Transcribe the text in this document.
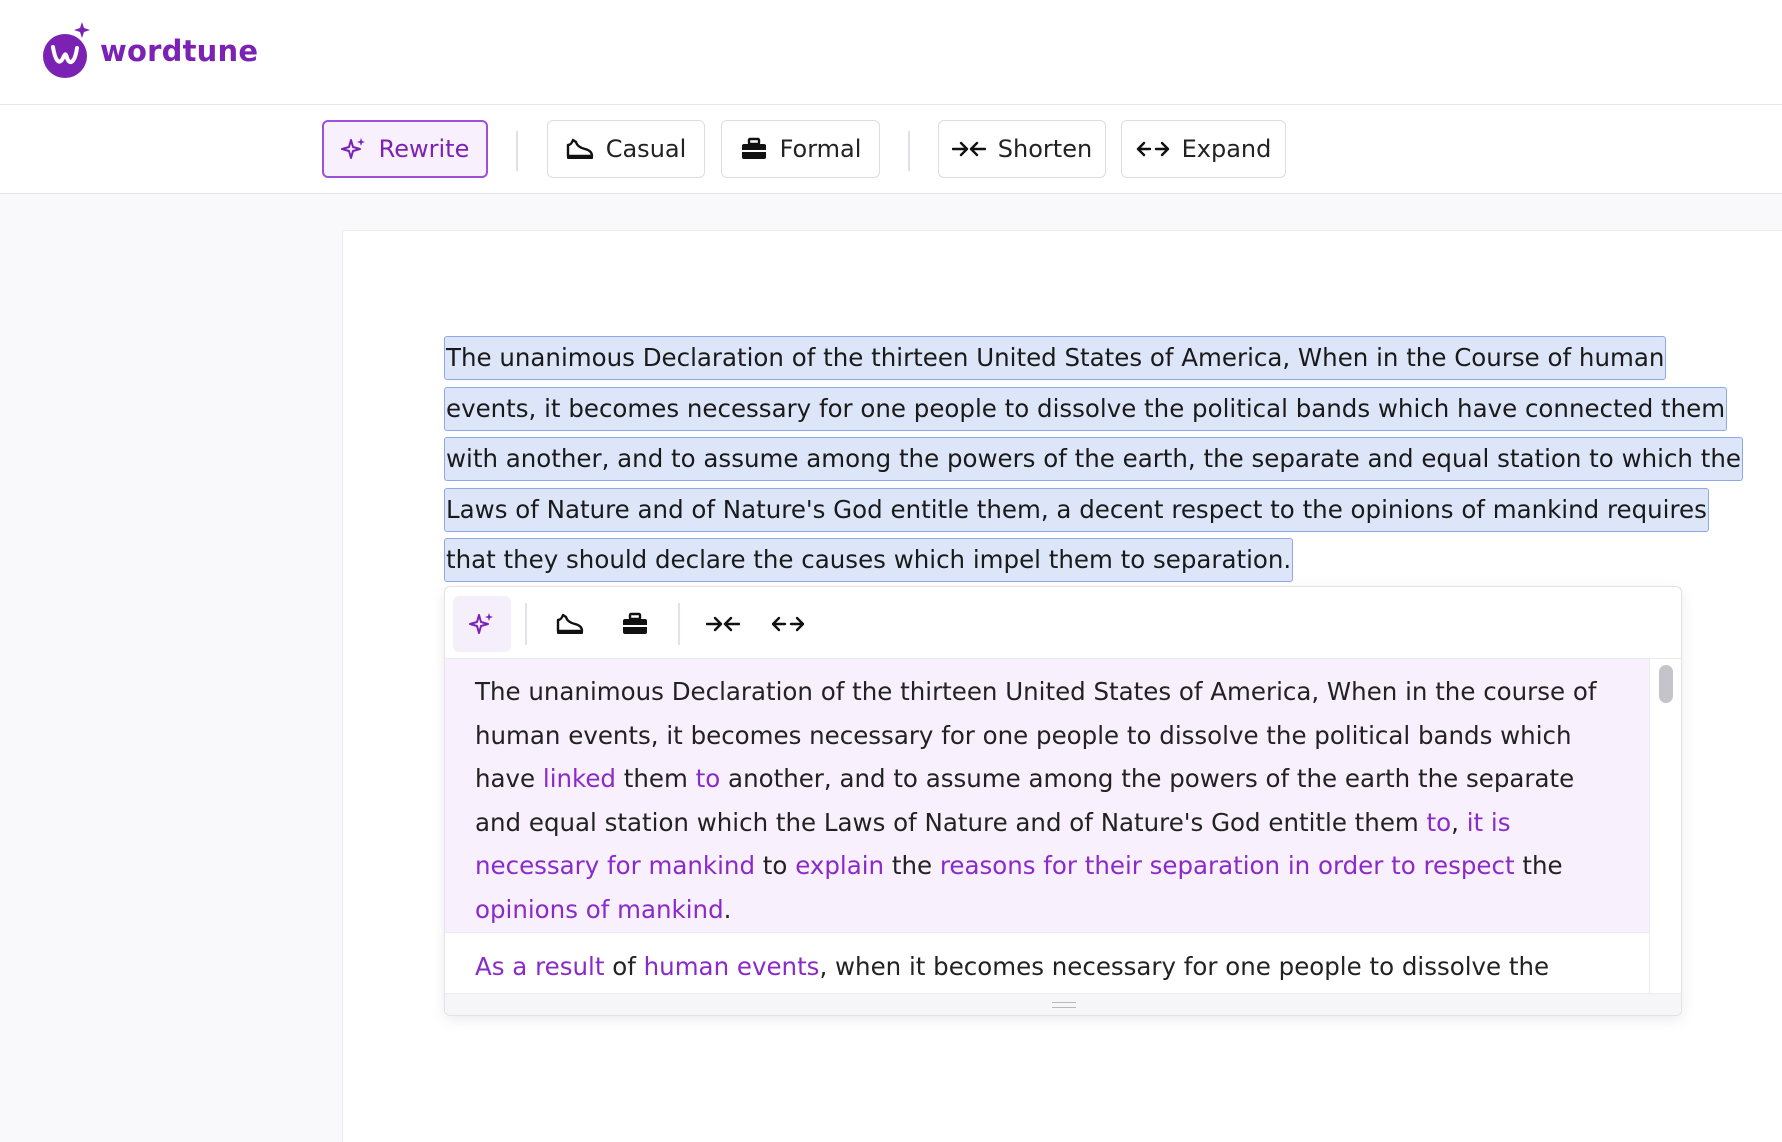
wordtune
Rewrite	Casual	Formal	Shorten	Expand
The unanimous Declaration of the thirteen United States of America, When in the Course of human
events, it becomes necessary for one people to dissolve the political bands which have connected them
with another, and to assume among the powers of the earth, the separate and equal station to which the
Laws of Nature and of Nature's God entitle them, a decent respect to the opinions of mankind requires
that they should declare the causes which impel them to separation.
The unanimous Declaration of the thirteen United States of America, When in the course of human events, it becomes necessary for one people to dissolve the political bands which have linked them to another, and to assume among the powers of the earth the separate and equal station which the Laws of Nature and of Nature's God entitle them to, it is necessary for mankind to explain the reasons for their separation in order to respect the opinions of mankind.
As a result of human events, when it becomes necessary for one people to dissolve the
